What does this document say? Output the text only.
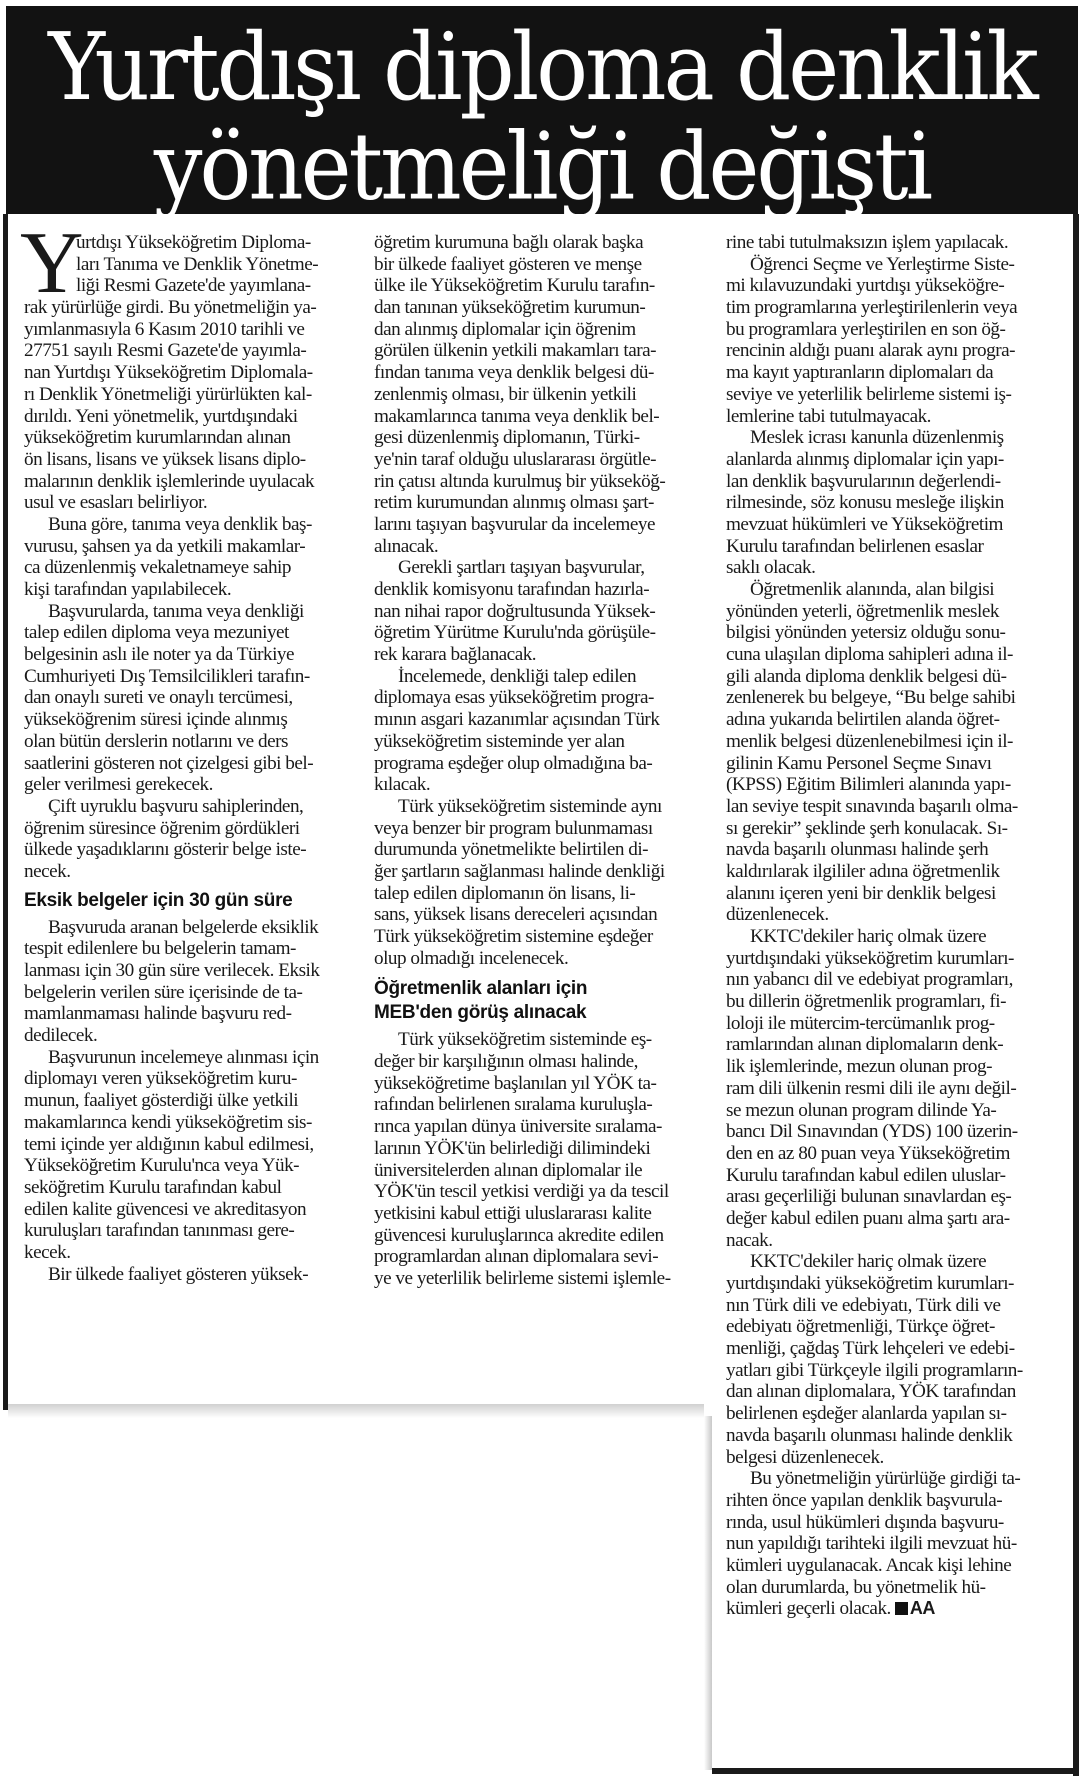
Yurtdışı diploma denklik
yönetmeliği değişti
Y
urtdışı Yükseköğretim Diploma-
ları Tanıma ve Denklik Yönetme-
liği Resmi Gazete'de yayımlana-
rak yürürlüğe girdi. Bu yönetmeliğin ya-
yımlanmasıyla 6 Kasım 2010 tarihli ve
27751 sayılı Resmi Gazete'de yayımla-
nan Yurtdışı Yükseköğretim Diplomala-
rı Denklik Yönetmeliği yürürlükten kal-
dırıldı. Yeni yönetmelik, yurtdışındaki
yükseköğretim kurumlarından alınan
ön lisans, lisans ve yüksek lisans diplo-
malarının denklik işlemlerinde uyulacak
usul ve esasları belirliyor.
Buna göre, tanıma veya denklik baş-
vurusu, şahsen ya da yetkili makamlar-
ca düzenlenmiş vekaletnameye sahip
kişi tarafından yapılabilecek.
Başvurularda, tanıma veya denkliği
talep edilen diploma veya mezuniyet
belgesinin aslı ile noter ya da Türkiye
Cumhuriyeti Dış Temsilcilikleri tarafın-
dan onaylı sureti ve onaylı tercümesi,
yükseköğrenim süresi içinde alınmış
olan bütün derslerin notlarını ve ders
saatlerini gösteren not çizelgesi gibi bel-
geler verilmesi gerekecek.
Çift uyruklu başvuru sahiplerinden,
öğrenim süresince öğrenim gördükleri
ülkede yaşadıklarını gösterir belge iste-
necek.
Eksik belgeler için 30 gün süre
Başvuruda aranan belgelerde eksiklik
tespit edilenlere bu belgelerin tamam-
lanması için 30 gün süre verilecek. Eksik
belgelerin verilen süre içerisinde de ta-
mamlanmaması halinde başvuru red-
dedilecek.
Başvurunun incelemeye alınması için
diplomayı veren yükseköğretim kuru-
munun, faaliyet gösterdiği ülke yetkili
makamlarınca kendi yükseköğretim sis-
temi içinde yer aldığının kabul edilmesi,
Yükseköğretim Kurulu'nca veya Yük-
seköğretim Kurulu tarafından kabul
edilen kalite güvencesi ve akreditasyon
kuruluşları tarafından tanınması gere-
kecek.
Bir ülkede faaliyet gösteren yüksek-
öğretim kurumuna bağlı olarak başka
bir ülkede faaliyet gösteren ve menşe
ülke ile Yükseköğretim Kurulu tarafın-
dan tanınan yükseköğretim kurumun-
dan alınmış diplomalar için öğrenim
görülen ülkenin yetkili makamları tara-
fından tanıma veya denklik belgesi dü-
zenlenmiş olması, bir ülkenin yetkili
makamlarınca tanıma veya denklik bel-
gesi düzenlenmiş diplomanın, Türki-
ye'nin taraf olduğu uluslararası örgütle-
rin çatısı altında kurulmuş bir yükseköğ-
retim kurumundan alınmış olması şart-
larını taşıyan başvurular da incelemeye
alınacak.
Gerekli şartları taşıyan başvurular,
denklik komisyonu tarafından hazırla-
nan nihai rapor doğrultusunda Yüksek-
öğretim Yürütme Kurulu'nda görüşüle-
rek karara bağlanacak.
İncelemede, denkliği talep edilen
diplomaya esas yükseköğretim progra-
mının asgari kazanımlar açısından Türk
yükseköğretim sisteminde yer alan
programa eşdeğer olup olmadığına ba-
kılacak.
Türk yükseköğretim sisteminde aynı
veya benzer bir program bulunmaması
durumunda yönetmelikte belirtilen di-
ğer şartların sağlanması halinde denkliği
talep edilen diplomanın ön lisans, li-
sans, yüksek lisans dereceleri açısından
Türk yükseköğretim sistemine eşdeğer
olup olmadığı incelenecek.
Öğretmenlik alanları için
MEB'den görüş alınacak
Türk yükseköğretim sisteminde eş-
değer bir karşılığının olması halinde,
yükseköğretime başlanılan yıl YÖK ta-
rafından belirlenen sıralama kuruluşla-
rınca yapılan dünya üniversite sıralama-
larının YÖK'ün belirlediği dilimindeki
üniversitelerden alınan diplomalar ile
YÖK'ün tescil yetkisi verdiği ya da tescil
yetkisini kabul ettiği uluslararası kalite
güvencesi kuruluşlarınca akredite edilen
programlardan alınan diplomalara sevi-
ye ve yeterlilik belirleme sistemi işlemle-
rine tabi tutulmaksızın işlem yapılacak.
Öğrenci Seçme ve Yerleştirme Siste-
mi kılavuzundaki yurtdışı yükseköğre-
tim programlarına yerleştirilenlerin veya
bu programlara yerleştirilen en son öğ-
rencinin aldığı puanı alarak aynı progra-
ma kayıt yaptıranların diplomaları da
seviye ve yeterlilik belirleme sistemi iş-
lemlerine tabi tutulmayacak.
Meslek icrası kanunla düzenlenmiş
alanlarda alınmış diplomalar için yapı-
lan denklik başvurularının değerlendi-
rilmesinde, söz konusu mesleğe ilişkin
mevzuat hükümleri ve Yükseköğretim
Kurulu tarafından belirlenen esaslar
saklı olacak.
Öğretmenlik alanında, alan bilgisi
yönünden yeterli, öğretmenlik meslek
bilgisi yönünden yetersiz olduğu sonu-
cuna ulaşılan diploma sahipleri adına il-
gili alanda diploma denklik belgesi dü-
zenlenerek bu belgeye, “Bu belge sahibi
adına yukarıda belirtilen alanda öğret-
menlik belgesi düzenlenebilmesi için il-
gilinin Kamu Personel Seçme Sınavı
(KPSS) Eğitim Bilimleri alanında yapı-
lan seviye tespit sınavında başarılı olma-
sı gerekir” şeklinde şerh konulacak. Sı-
navda başarılı olunması halinde şerh
kaldırılarak ilgililer adına öğretmenlik
alanını içeren yeni bir denklik belgesi
düzenlenecek.
KKTC'dekiler hariç olmak üzere
yurtdışındaki yükseköğretim kurumları-
nın yabancı dil ve edebiyat programları,
bu dillerin öğretmenlik programları, fi-
loloji ile mütercim-tercümanlık prog-
ramlarından alınan diplomaların denk-
lik işlemlerinde, mezun olunan prog-
ram dili ülkenin resmi dili ile aynı değil-
se mezun olunan program dilinde Ya-
bancı Dil Sınavından (YDS) 100 üzerin-
den en az 80 puan veya Yükseköğretim
Kurulu tarafından kabul edilen uluslar-
arası geçerliliği bulunan sınavlardan eş-
değer kabul edilen puanı alma şartı ara-
nacak.
KKTC'dekiler hariç olmak üzere
yurtdışındaki yükseköğretim kurumları-
nın Türk dili ve edebiyatı, Türk dili ve
edebiyatı öğretmenliği, Türkçe öğret-
menliği, çağdaş Türk lehçeleri ve edebi-
yatları gibi Türkçeyle ilgili programların-
dan alınan diplomalara, YÖK tarafından
belirlenen eşdeğer alanlarda yapılan sı-
navda başarılı olunması halinde denklik
belgesi düzenlenecek.
Bu yönetmeliğin yürürlüğe girdiği ta-
rihten önce yapılan denklik başvurula-
rında, usul hükümleri dışında başvuru-
nun yapıldığı tarihteki ilgili mevzuat hü-
kümleri uygulanacak. Ancak kişi lehine
olan durumlarda, bu yönetmelik hü-
kümleri geçerli olacak. AA
